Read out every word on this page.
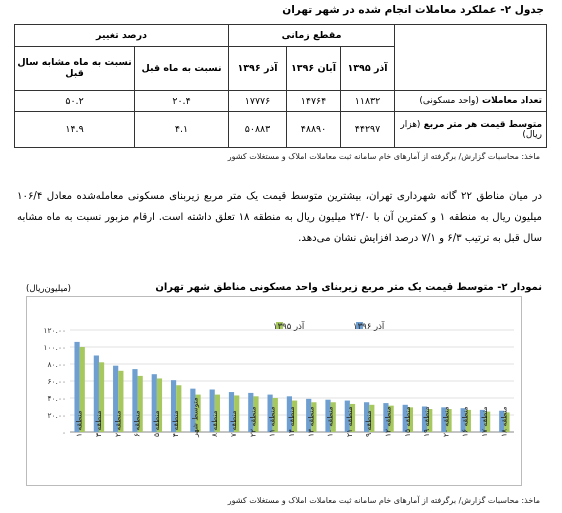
جدول ۲- عملکرد معاملات انجام شده در شهر تهران
	مقطع زمانی			درصد تغییر	
	آذر ۱۳۹۵	آبان ۱۳۹۶	آذر ۱۳۹۶	نسبت به ماه قبل	نسبت به ماه مشابه سال قبل
تعداد معاملات (واحد مسکونی)	۱۱۸۳۲	۱۴۷۶۴	۱۷۷۷۶	۲۰.۴	۵۰.۲
متوسط قیمت هر متر مربع (هزار ریال)	۴۴۲۹۷	۴۸۸۹۰	۵۰۸۸۳	۴.۱	۱۴.۹
ماخذ: محاسبات گزارش/ برگرفته از آمارهای خام سامانه ثبت معاملات املاک و مستغلات کشور
در میان مناطق ۲۲ گانه شهرداری تهران، بیشترین متوسط قیمت یک متر مربع زیربنای مسکونی معامله‌شده معادل ۱۰۶/۴ میلیون ریال به منطقه ۱ و کمترین آن با ۲۴/۰ میلیون ریال به منطقه ۱۸ تعلق داشته است. ارقام مزبور نسبت به ماه مشابه سال قبل به ترتیب ۶/۳ و ۷/۱ درصد افزایش نشان می‌دهد.
نمودار ۲- متوسط قیمت یک متر مربع زیربنای واحد مسکونی مناطق شهر تهران
(میلیون‌ریال)
۰
۲۰.۰۰
۴۰.۰۰
۶۰.۰۰
۸۰.۰۰
۱۰۰.۰۰
۱۲۰.۰۰
منطقه ۱
منطقه ۳
منطقه ۲
منطقه ۶
منطقه ۵
منطقه ۴ متوسط شهر منطقه ۸
منطقه ۷ منطقه ۲۲
منطقه ۱۱
منطقه ۱۴
منطقه ۱۳
منطقه ۱۰
منطقه ۲۱
منطقه ۹ منطقه ۱۲
منطقه ۱۵
منطقه ۱۹
منطقه ۲۰
منطقه ۱۶
منطقه ۱۷
منطقه ۱۸
آذر ۱۳۹۶
آذر ۱۳۹۵
ماخذ: محاسبات گزارش/ برگرفته از آمارهای خام سامانه ثبت معاملات املاک و مستغلات کشور
